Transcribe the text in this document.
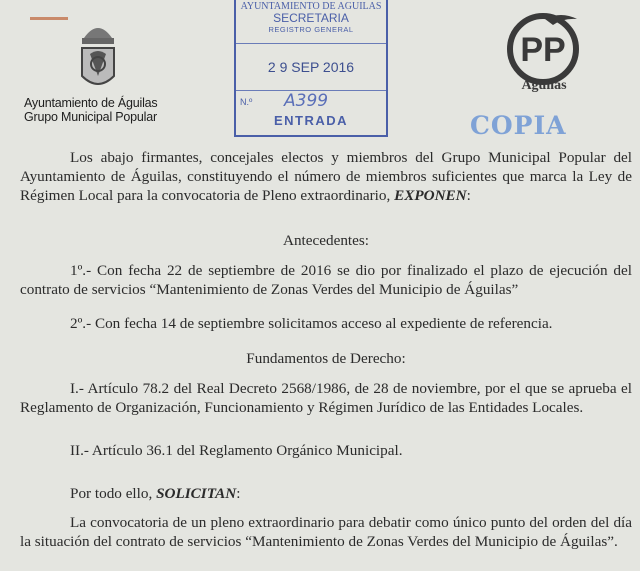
Ayuntamiento de Águilas
Grupo Municipal Popular
AYUNTAMIENTO DE AGUILAS
SECRETARIA
REGISTRO GENERAL
2 9 SEP 2016
N.º A399
ENTRADA
PP
Águilas
COPIA
Los abajo firmantes, concejales electos y miembros del Grupo Municipal Popular del Ayuntamiento de Águilas, constituyendo el número de miembros suficientes que marca la Ley de Régimen Local para la convocatoria de Pleno extraordinario, EXPONEN:
Antecedentes:
1º.- Con fecha 22 de septiembre de 2016 se dio por finalizado el plazo de ejecución del contrato de servicios “Mantenimiento de Zonas Verdes del Municipio de Águilas”
2º.- Con fecha 14 de septiembre solicitamos acceso al expediente de referencia.
Fundamentos de Derecho:
I.- Artículo 78.2 del Real Decreto 2568/1986, de 28 de noviembre, por el que se aprueba el Reglamento de Organización, Funcionamiento y Régimen Jurídico de las Entidades Locales.
II.- Artículo 36.1 del Reglamento Orgánico Municipal.
Por todo ello, SOLICITAN:
La convocatoria de un pleno extraordinario para debatir como único punto del orden del día la situación del contrato de servicios “Mantenimiento de Zonas Verdes del Municipio de Águilas”.
